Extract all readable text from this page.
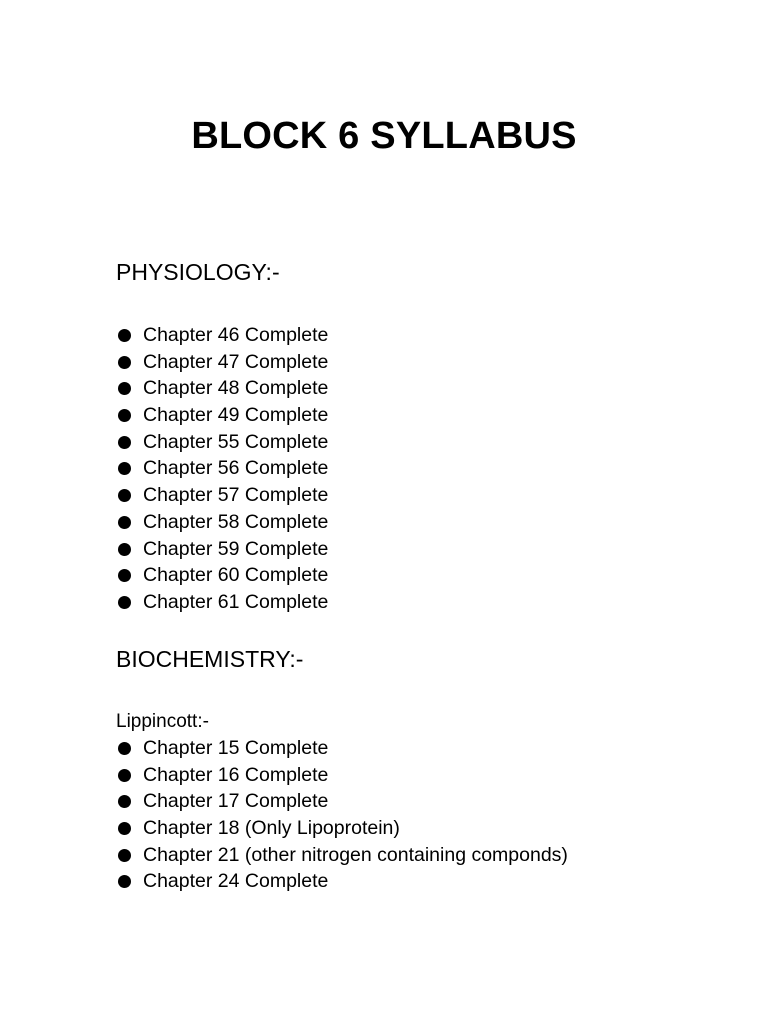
BLOCK 6 SYLLABUS
PHYSIOLOGY:-
Chapter 46 Complete
Chapter 47 Complete
Chapter 48 Complete
Chapter 49 Complete
Chapter 55 Complete
Chapter 56 Complete
Chapter 57 Complete
Chapter 58 Complete
Chapter 59 Complete
Chapter 60 Complete
Chapter 61 Complete
BIOCHEMISTRY:-
Lippincott:-
Chapter 15 Complete
Chapter 16 Complete
Chapter 17 Complete
Chapter 18 (Only Lipoprotein)
Chapter 21 (other nitrogen containing componds)
Chapter 24 Complete
